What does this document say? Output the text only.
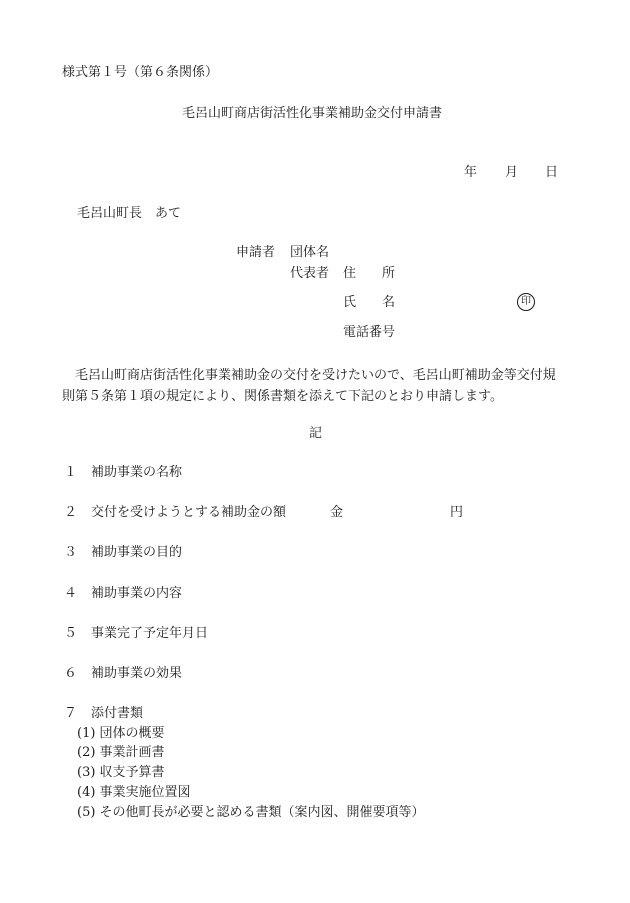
様式第１号（第６条関係）
毛呂山町商店街活性化事業補助金交付申請書
年 月 日
毛呂山町長　あて
申請者 団体名
代表者 住　　所
氏　　名	印
電話番号
毛呂山町商店街活性化事業補助金の交付を受けたいので、毛呂山町補助金等交付規
則第５条第１項の規定により、関係書類を添えて下記のとおり申請します。
記
１ 補助事業の名称
２ 交付を受けようとする補助金の額	金	円
３ 補助事業の目的
４ 補助事業の内容
５ 事業完了予定年月日
６ 補助事業の効果
７ 添付書類
(1) 団体の概要
(2) 事業計画書
(3) 収支予算書
(4) 事業実施位置図
(5) その他町長が必要と認める書類（案内図、開催要項等）
